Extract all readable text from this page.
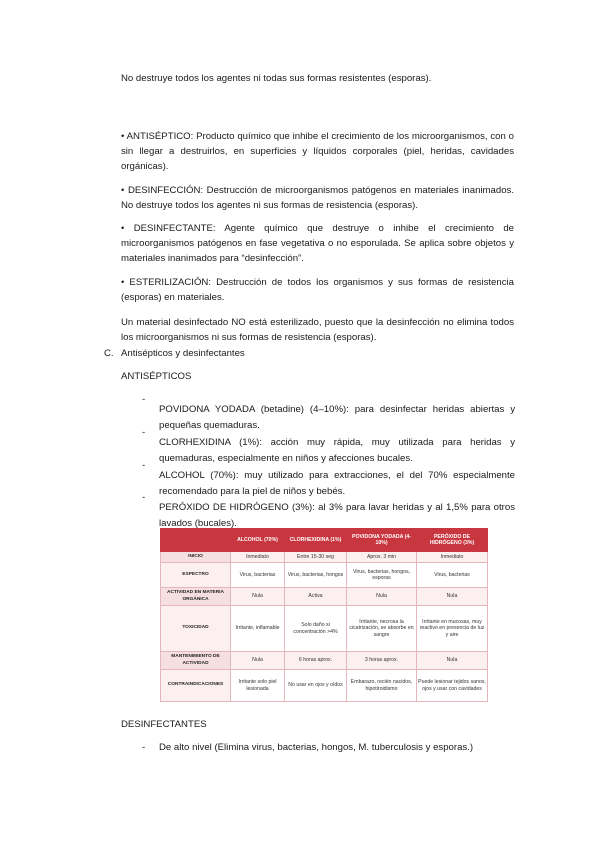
No destruye todos los agentes ni todas sus formas resistentes (esporas).

• ANTISÉPTICO: Producto químico que inhibe el crecimiento de los microorganismos, con o sin llegar a destruirlos, en superficies y líquidos corporales (piel, heridas, cavidades orgánicas).

• DESINFECCIÓN: Destrucción de microorganismos patógenos en materiales inanimados. No destruye todos los agentes ni sus formas de resistencia (esporas).

• DESINFECTANTE: Agente químico que destruye o inhibe el crecimiento de microorganismos patógenos en fase vegetativa o no esporulada. Se aplica sobre objetos y materiales inanimados para “desinfección”.

• ESTERILIZACIÓN: Destrucción de todos los organismos y sus formas de resistencia (esporas) en materiales.

Un material desinfectado NO está esterilizado, puesto que la desinfección no elimina todos los microorganismos ni sus formas de resistencia (esporas).

C. Antisépticos y desinfectantes
ANTISÉPTICOS
-

POVIDONA YODADA (betadine) (4–10%): para desinfectar heridas abiertas y pequeñas quemaduras.

-

CLORHEXIDINA (1%): acción muy rápida, muy utilizada para heridas y quemaduras, especialmente en niños y afecciones bucales.

-

ALCOHOL (70%): muy utilizado para extracciones, el del 70% especialmente recomendado para la piel de niños y bebés.

-

PERÓXIDO DE HIDRÓGENO (3%): al 3% para lavar heridas y al 1,5% para otros lavados (bucales).

	ALCOHOL (70%)	CLORHEXIDINA (1%)	POVIDONA YODADA (4-10%)	PERÓXIDO DE HIDRÓGENO (3%)
INICIO	Inmediato	Entre 15-30 seg	Aprox. 3 min	Inmediato
ESPECTRO	Virus, bacterias	Virus, bacterias, hongos	Virus, bacterias, hongos, esporas	Virus, bacterias
ACTIVIDAD EN MATERIA ORGÁNICA	Nula	Activa	Nula	Nula
TOXICIDAD	Irritante, inflamable	Solo daño si concentración >4%	Irritante, necrosa la cicatrización, se absorbe en sangre	Irritante en mucosas, muy reactivo en presencia de luz y aire
MANTENIMIENTO DE ACTIVIDAD	Nula	6 horas aprox.	3 horas aprox.	Nula
CONTRAINDICACIONES	Irritante solo piel lesionada	No usar en ojos y oídos	Embarazo, recién nacidos, hipotiroidismo	Puede lesionar tejidos sanos, ojos y usar con cavidades
DESINFECTANTES
- De alto nivel (Elimina virus, bacterias, hongos, M. tuberculosis y esporas.)
